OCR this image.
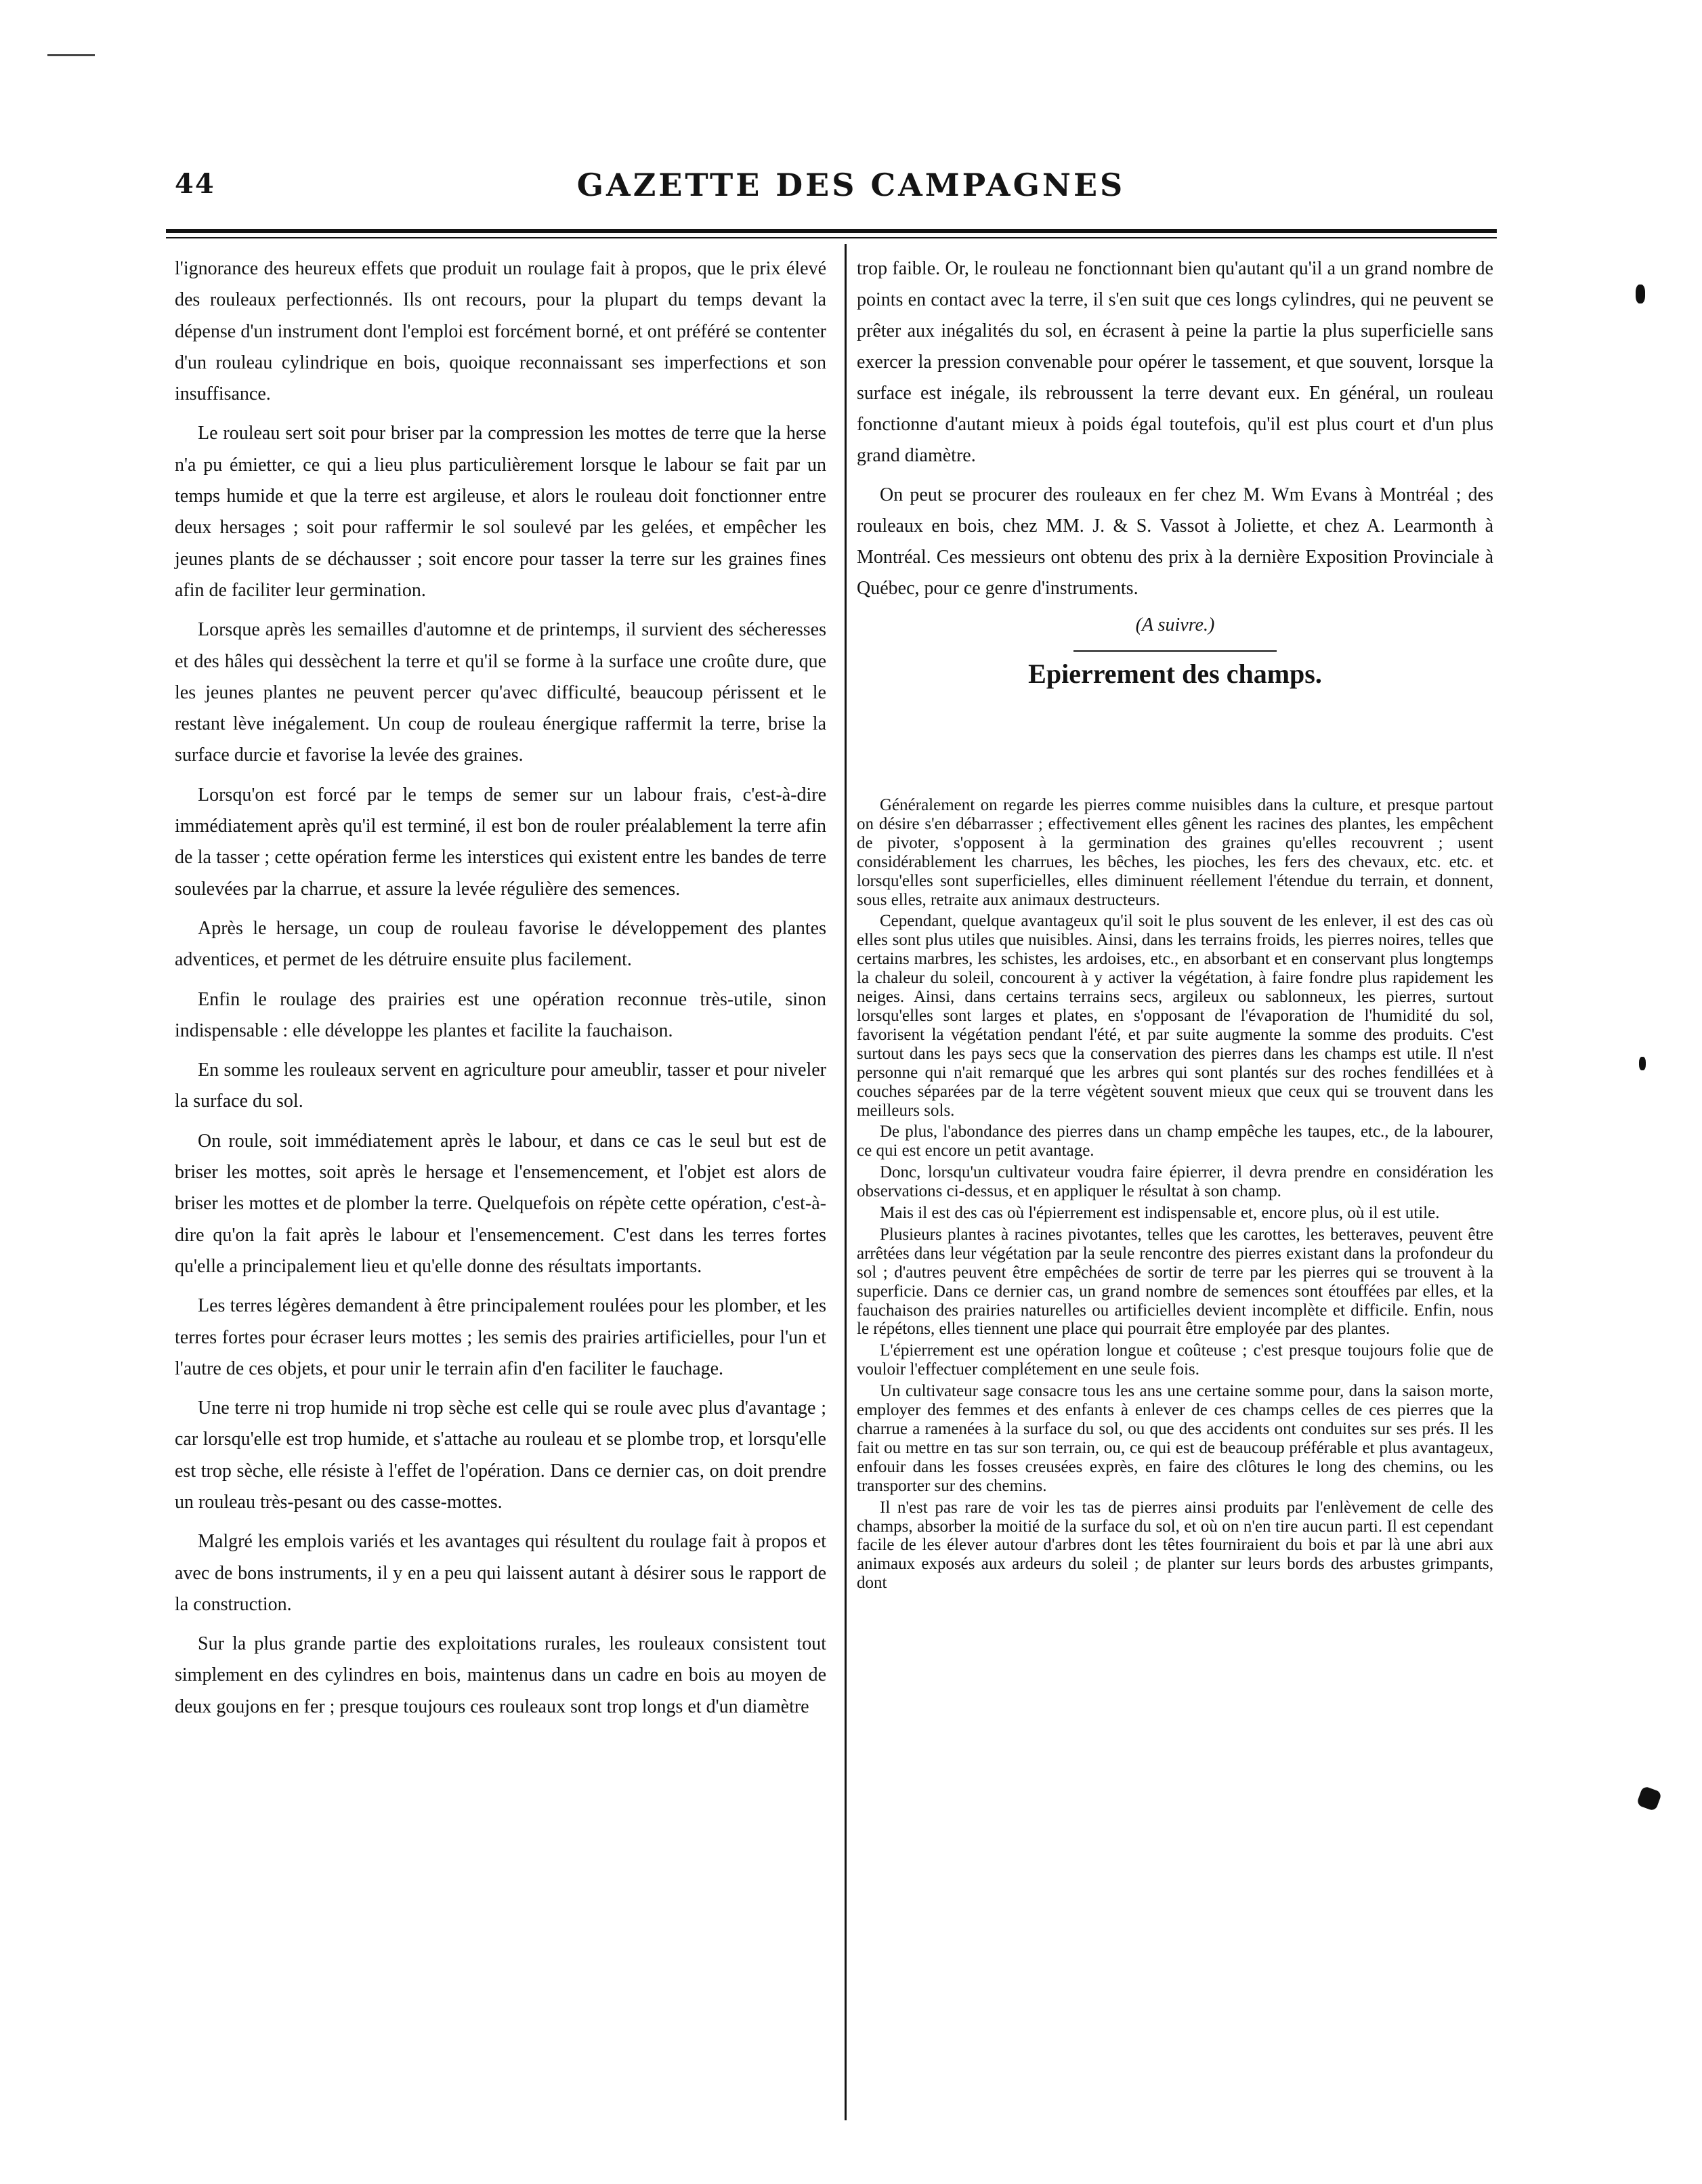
44	GAZETTE DES CAMPAGNES

l'ignorance des heureux effets que produit un roulage fait à propos, que le prix élevé des rouleaux perfectionnés. Ils ont recours, pour la plupart du temps devant la dépense d'un instrument dont l'emploi est forcément borné, et ont préféré se contenter d'un rouleau cylindrique en bois, quoique reconnaissant ses imperfections et son insuffisance.

Le rouleau sert soit pour briser par la compression les mottes de terre que la herse n'a pu émietter, ce qui a lieu plus particulièrement lorsque le labour se fait par un temps humide et que la terre est argileuse, et alors le rouleau doit fonctionner entre deux hersages ; soit pour raffermir le sol soulevé par les gelées, et empêcher les jeunes plants de se déchausser ; soit encore pour tasser la terre sur les graines fines afin de faciliter leur germination.

Lorsque après les semailles d'automne et de printemps, il survient des sécheresses et des hâles qui dessèchent la terre et qu'il se forme à la surface une croûte dure, que les jeunes plantes ne peuvent percer qu'avec difficulté, beaucoup périssent et le restant lève inégalement. Un coup de rouleau énergique raffermit la terre, brise la surface durcie et favorise la levée des graines.

Lorsqu'on est forcé par le temps de semer sur un labour frais, c'est-à-dire immédiatement après qu'il est terminé, il est bon de rouler préalablement la terre afin de la tasser ; cette opération ferme les interstices qui existent entre les bandes de terre soulevées par la charrue, et assure la levée régulière des semences.

Après le hersage, un coup de rouleau favorise le développement des plantes adventices, et permet de les détruire ensuite plus facilement.

Enfin le roulage des prairies est une opération reconnue très-utile, sinon indispensable : elle développe les plantes et facilite la fauchaison.

En somme les rouleaux servent en agriculture pour ameublir, tasser et pour niveler la surface du sol.

On roule, soit immédiatement après le labour, et dans ce cas le seul but est de briser les mottes, soit après le hersage et l'ensemencement, et l'objet est alors de briser les mottes et de plomber la terre. Quelquefois on répète cette opération, c'est-à-dire qu'on la fait après le labour et l'ensemencement. C'est dans les terres fortes qu'elle a principalement lieu et qu'elle donne des résultats importants.

Les terres légères demandent à être principalement roulées pour les plomber, et les terres fortes pour écraser leurs mottes ; les semis des prairies artificielles, pour l'un et l'autre de ces objets, et pour unir le terrain afin d'en faciliter le fauchage.

Une terre ni trop humide ni trop sèche est celle qui se roule avec plus d'avantage ; car lorsqu'elle est trop humide, et s'attache au rouleau et se plombe trop, et lorsqu'elle est trop sèche, elle résiste à l'effet de l'opération. Dans ce dernier cas, on doit prendre un rouleau très-pesant ou des casse-mottes.

Malgré les emplois variés et les avantages qui résultent du roulage fait à propos et avec de bons instruments, il y en a peu qui laissent autant à désirer sous le rapport de la construction.

Sur la plus grande partie des exploitations rurales, les rouleaux consistent tout simplement en des cylindres en bois, maintenus dans un cadre en bois au moyen de deux goujons en fer ; presque toujours ces rouleaux sont trop longs et d'un diamètre

trop faible. Or, le rouleau ne fonctionnant bien qu'autant qu'il a un grand nombre de points en contact avec la terre, il s'en suit que ces longs cylindres, qui ne peuvent se prêter aux inégalités du sol, en écrasent à peine la partie la plus superficielle sans exercer la pression convenable pour opérer le tassement, et que souvent, lorsque la surface est inégale, ils rebroussent la terre devant eux. En général, un rouleau fonctionne d'autant mieux à poids égal toutefois, qu'il est plus court et d'un plus grand diamètre.

On peut se procurer des rouleaux en fer chez M. Wm Evans à Montréal ; des rouleaux en bois, chez MM. J. & S. Vassot à Joliette, et chez A. Learmonth à Montréal. Ces messieurs ont obtenu des prix à la dernière Exposition Provinciale à Québec, pour ce genre d'instruments.

(A suivre.)

Epierrement des champs.

Généralement on regarde les pierres comme nuisibles dans la culture, et presque partout on désire s'en débarrasser ; effectivement elles gênent les racines des plantes, les empêchent de pivoter, s'opposent à la germination des graines qu'elles recouvrent ; usent considérablement les charrues, les bêches, les pioches, les fers des chevaux, etc. etc. et lorsqu'elles sont superficielles, elles diminuent réellement l'étendue du terrain, et donnent, sous elles, retraite aux animaux destructeurs.

Cependant, quelque avantageux qu'il soit le plus souvent de les enlever, il est des cas où elles sont plus utiles que nuisibles. Ainsi, dans les terrains froids, les pierres noires, telles que certains marbres, les schistes, les ardoises, etc., en absorbant et en conservant plus longtemps la chaleur du soleil, concourent à y activer la végétation, à faire fondre plus rapidement les neiges. Ainsi, dans certains terrains secs, argileux ou sablonneux, les pierres, surtout lorsqu'elles sont larges et plates, en s'opposant de l'évaporation de l'humidité du sol, favorisent la végétation pendant l'été, et par suite augmente la somme des produits. C'est surtout dans les pays secs que la conservation des pierres dans les champs est utile. Il n'est personne qui n'ait remarqué que les arbres qui sont plantés sur des roches fendillées et à couches séparées par de la terre végètent souvent mieux que ceux qui se trouvent dans les meilleurs sols.

De plus, l'abondance des pierres dans un champ empêche les taupes, etc., de la labourer, ce qui est encore un petit avantage.

Donc, lorsqu'un cultivateur voudra faire épierrer, il devra prendre en considération les observations ci-dessus, et en appliquer le résultat à son champ.

Mais il est des cas où l'épierrement est indispensable et, encore plus, où il est utile.

Plusieurs plantes à racines pivotantes, telles que les carottes, les betteraves, peuvent être arrêtées dans leur végétation par la seule rencontre des pierres existant dans la profondeur du sol ; d'autres peuvent être empêchées de sortir de terre par les pierres qui se trouvent à la superficie. Dans ce dernier cas, un grand nombre de semences sont étouffées par elles, et la fauchaison des prairies naturelles ou artificielles devient incomplète et difficile. Enfin, nous le répétons, elles tiennent une place qui pourrait être employée par des plantes.

L'épierrement est une opération longue et coûteuse ; c'est presque toujours folie que de vouloir l'effectuer complétement en une seule fois.

Un cultivateur sage consacre tous les ans une certaine somme pour, dans la saison morte, employer des femmes et des enfants à enlever de ces champs celles de ces pierres que la charrue a ramenées à la surface du sol, ou que des accidents ont conduites sur ses prés. Il les fait ou mettre en tas sur son terrain, ou, ce qui est de beaucoup préférable et plus avantageux, enfouir dans les fosses creusées exprès, en faire des clôtures le long des chemins, ou les transporter sur des chemins.

Il n'est pas rare de voir les tas de pierres ainsi produits par l'enlèvement de celle des champs, absorber la moitié de la surface du sol, et où on n'en tire aucun parti. Il est cependant facile de les élever autour d'arbres dont les têtes fourniraient du bois et par là une abri aux animaux exposés aux ardeurs du soleil ; de planter sur leurs bords des arbustes grimpants, dont
